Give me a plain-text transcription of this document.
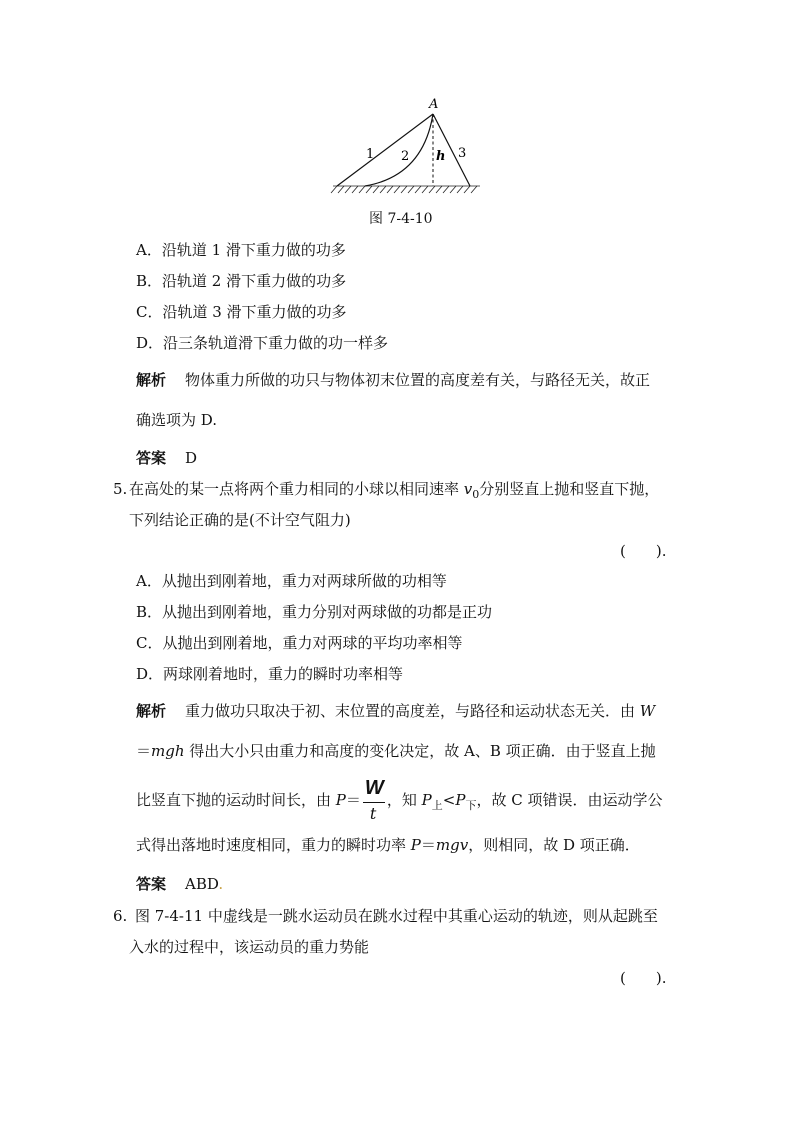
A
1 2 h 3
图 7-4-10
A．沿轨道 1 滑下重力做的功多
B．沿轨道 2 滑下重力做的功多
C．沿轨道 3 滑下重力做的功多
D．沿三条轨道滑下重力做的功一样多
解析 物体重力所做的功只与物体初末位置的高度差有关，与路径无关，故正
确选项为 D.
答案 D
5. 在高处的某一点将两个重力相同的小球以相同速率 $v_0$分别竖直上抛和竖直下抛，
下列结论正确的是(不计空气阻力)
(　　).
A．从抛出到刚着地，重力对两球所做的功相等
B．从抛出到刚着地，重力分别对两球做的功都是正功
C．从抛出到刚着地，重力对两球的平均功率相等
D．两球刚着地时，重力的瞬时功率相等
解析 重力做功只取决于初、末位置的高度差，与路径和运动状态无关．由 W
＝mgh 得出大小只由重力和高度的变化决定，故 A、B 项正确．由于竖直上抛
比竖直下抛的运动时间长，由 $P= \frac{W}{t}$ ，知 $P_上<P_下$，故 C 项错误．由运动学公
式得出落地时速度相同，重力的瞬时功率 P＝mgv，则相同，故 D 项正确．
答案 ABD.
6. 图 7-4-11 中虚线是一跳水运动员在跳水过程中其重心运动的轨迹，则从起跳至
入水的过程中，该运动员的重力势能
(　　).
